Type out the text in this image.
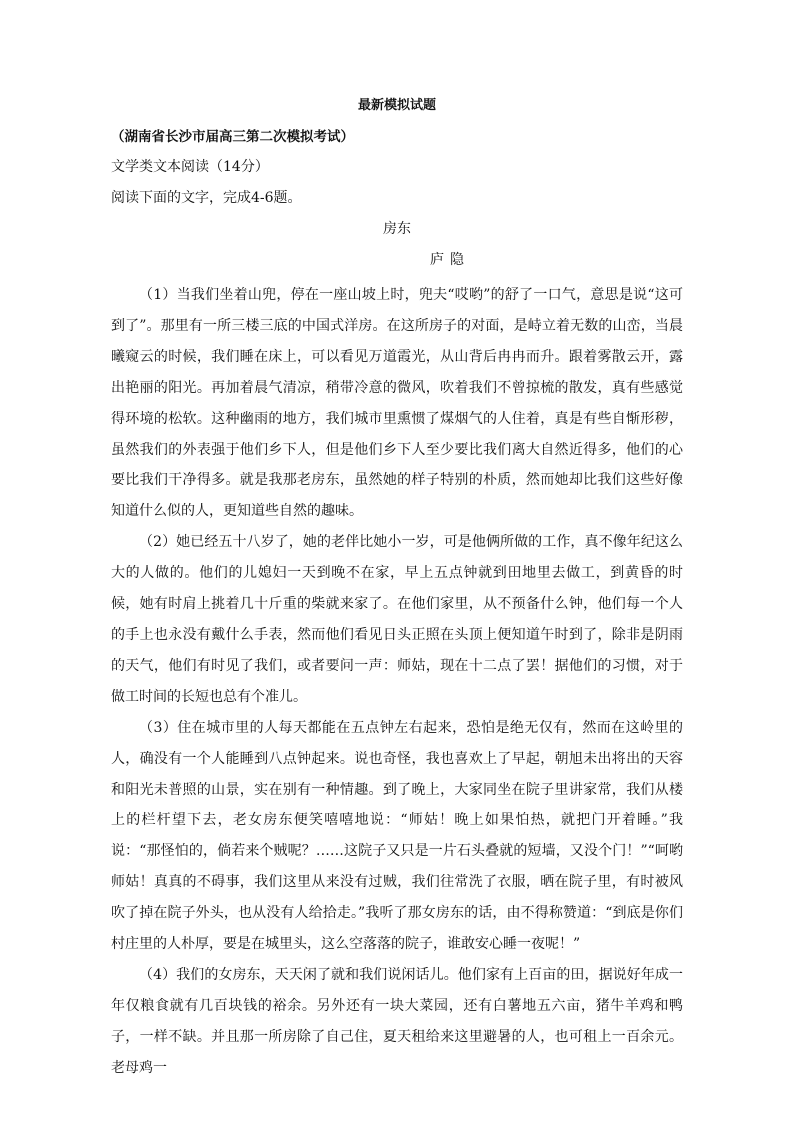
最新模拟试题
（湖南省长沙市届高三第二次模拟考试）
文学类文本阅读（14分）
阅读下面的文字，完成4-6题。
房东
庐隐

（1）当我们坐着山兜，停在一座山坡上时，兜夫“哎哟”的舒了一口气，意思是说“这可到了”。那里有一所三楼三底的中国式洋房。在这所房子的对面，是峙立着无数的山峦，当晨曦窥云的时候，我们睡在床上，可以看见万道霞光，从山背后冉冉而升。跟着雾散云开，露出艳丽的阳光。再加着晨气清凉，稍带冷意的微风，吹着我们不曾掠梳的散发，真有些感觉得环境的松软。这种幽雨的地方，我们城市里熏惯了煤烟气的人住着，真是有些自惭形秽，虽然我们的外表强于他们乡下人，但是他们乡下人至少要比我们离大自然近得多，他们的心要比我们干净得多。就是我那老房东，虽然她的样子特别的朴质，然而她却比我们这些好像知道什么似的人，更知道些自然的趣味。

（2）她已经五十八岁了，她的老伴比她小一岁，可是他俩所做的工作，真不像年纪这么大的人做的。他们的儿媳妇一天到晚不在家，早上五点钟就到田地里去做工，到黄昏的时候，她有时肩上挑着几十斤重的柴就来家了。在他们家里，从不预备什么钟，他们每一个人的手上也永没有戴什么手表，然而他们看见日头正照在头顶上便知道午时到了，除非是阴雨的天气，他们有时见了我们，或者要问一声：师姑，现在十二点了罢！据他们的习惯，对于做工时间的长短也总有个准儿。

（3）住在城市里的人每天都能在五点钟左右起来，恐怕是绝无仅有，然而在这岭里的人，确没有一个人能睡到八点钟起来。说也奇怪，我也喜欢上了早起，朝旭未出将出的天容和阳光未普照的山景，实在别有一种情趣。到了晚上，大家同坐在院子里讲家常，我们从楼上的栏杆望下去，老女房东便笑嘻嘻地说：“师姑！晚上如果怕热，就把门开着睡。”我说：“那怪怕的，倘若来个贼呢？……这院子又只是一片石头叠就的短墙，又没个门！”“呵哟师姑！真真的不碍事，我们这里从来没有过贼，我们往常洗了衣服，晒在院子里，有时被风吹了掉在院子外头，也从没有人给拾走。”我听了那女房东的话，由不得称赞道：“到底是你们村庄里的人朴厚，要是在城里头，这么空落落的院子，谁敢安心睡一夜呢！”

（4）我们的女房东，天天闲了就和我们说闲话儿。他们家有上百亩的田，据说好年成一年仅粮食就有几百块钱的裕余。另外还有一块大菜园，还有白薯地五六亩，猪牛羊鸡和鸭子，一样不缺。并且那一所房除了自己住，夏天租给来这里避暑的人，也可租上一百余元。老母鸡一
